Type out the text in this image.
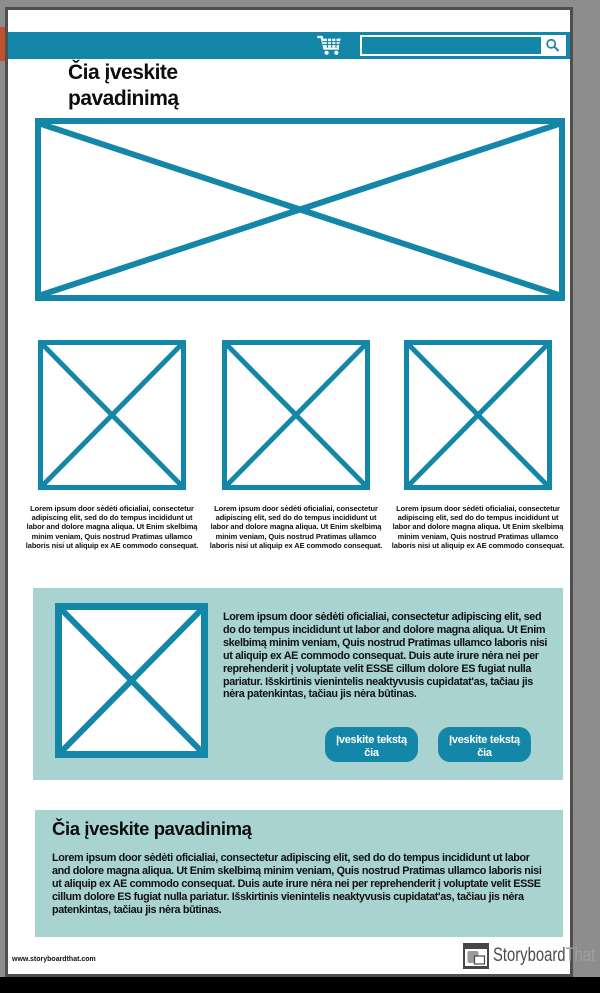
Čia įveskite pavadinimą
Lorem ipsum door sėdėti oficialiai, consectetur adipiscing elit, sed do do tempus incididunt ut labor and dolore magna aliqua. Ut Enim skelbimą minim veniam, Quis nostrud Pratimas ullamco laboris nisi ut aliquip ex AE commodo consequat.
Lorem ipsum door sėdėti oficialiai, consectetur adipiscing elit, sed do do tempus incididunt ut labor and dolore magna aliqua. Ut Enim skelbimą minim veniam, Quis nostrud Pratimas ullamco laboris nisi ut aliquip ex AE commodo consequat.
Lorem ipsum door sėdėti oficialiai, consectetur adipiscing elit, sed do do tempus incididunt ut labor and dolore magna aliqua. Ut Enim skelbimą minim veniam, Quis nostrud Pratimas ullamco laboris nisi ut aliquip ex AE commodo consequat.
Lorem ipsum door sėdėti oficialiai, consectetur adipiscing elit, sed do do tempus incididunt ut labor and dolore magna aliqua. Ut Enim skelbimą minim veniam, Quis nostrud Pratimas ullamco laboris nisi ut aliquip ex AE commodo consequat. Duis aute irure nėra nei per reprehenderit į voluptate velit ESSE cillum dolore ES fugiat nulla pariatur. Išskirtinis vienintelis neaktyvusis cupidatat'as, tačiau jis nėra patenkintas, tačiau jis nėra būtinas.
Įveskite tekstą čia
Įveskite tekstą čia
Čia įveskite pavadinimą
Lorem ipsum door sėdėti oficialiai, consectetur adipiscing elit, sed do do tempus incididunt ut labor and dolore magna aliqua. Ut Enim skelbimą minim veniam, Quis nostrud Pratimas ullamco laboris nisi ut aliquip ex AE commodo consequat. Duis aute irure nėra nei per reprehenderit į voluptate velit ESSE cillum dolore ES fugiat nulla pariatur. Išskirtinis vienintelis neaktyvusis cupidatat'as, tačiau jis nėra patenkintas, tačiau jis nėra būtinas.
www.storyboardthat.com	StoryboardThat
